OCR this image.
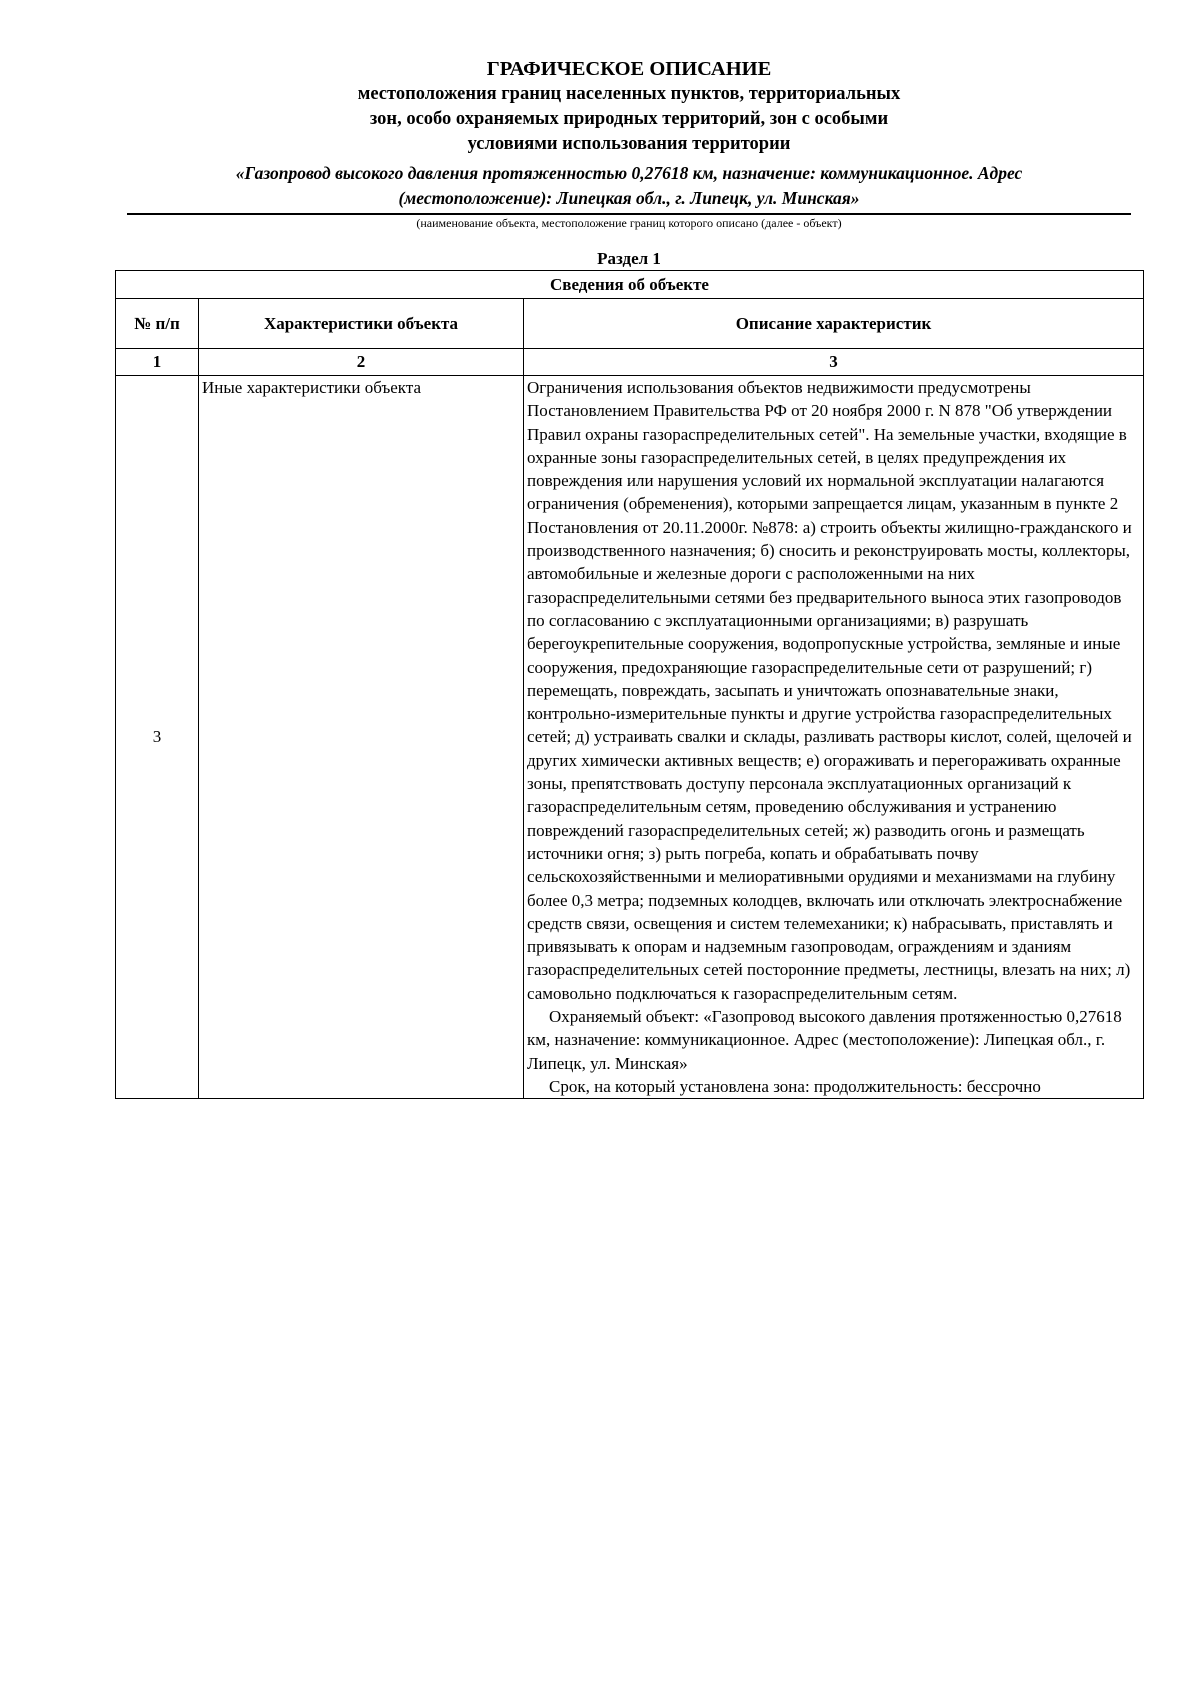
ГРАФИЧЕСКОЕ ОПИСАНИЕ
местоположения границ населенных пунктов, территориальных
зон, особо охраняемых природных территорий, зон с особыми
условиями использования территории
«Газопровод высокого давления протяженностью 0,27618 км, назначение: коммуникационное. Адрес
(местоположение): Липецкая обл., г. Липецк, ул. Минская»
(наименование объекта, местоположение границ которого описано (далее - объект)
Раздел 1
Сведения об объекте		
№ п/п	Характеристики объекта	Описание характеристик
1	2	3
3	Иные характеристики объекта	Ограничения использования объектов недвижимости предусмотрены Постановлением Правительства РФ от 20 ноября 2000 г. N 878 "Об утверждении Правил охраны газораспределительных сетей". На земельные участки, входящие в охранные зоны газораспределительных сетей, в целях предупреждения их повреждения или нарушения условий их нормальной эксплуатации налагаются ограничения (обременения), которыми запрещается лицам, указанным в пункте 2 Постановления от 20.11.2000г. №878: а) строить объекты жилищно-гражданского и производственного назначения; б) сносить и реконструировать мосты, коллекторы, автомобильные и железные дороги с расположенными на них газораспределительными сетями без предварительного выноса этих газопроводов по согласованию с эксплуатационными организациями; в) разрушать берегоукрепительные сооружения, водопропускные устройства, земляные и иные сооружения, предохраняющие газораспределительные сети от разрушений; г) перемещать, повреждать, засыпать и уничтожать опознавательные знаки, контрольно-измерительные пункты и другие устройства газораспределительных сетей; д) устраивать свалки и склады, разливать растворы кислот, солей, щелочей и других химически активных веществ; е) огораживать и перегораживать охранные зоны, препятствовать доступу персонала эксплуатационных организаций к газораспределительным сетям, проведению обслуживания и устранению повреждений газораспределительных сетей; ж) разводить огонь и размещать источники огня; з) рыть погреба, копать и обрабатывать почву сельскохозяйственными и мелиоративными орудиями и механизмами на глубину более 0,3 метра; подземных колодцев, включать или отключать электроснабжение средств связи, освещения и систем телемеханики; к) набрасывать, приставлять и привязывать к опорам и надземным газопроводам, ограждениям и зданиям газораспределительных сетей посторонние предметы, лестницы, влезать на них; л) самовольно подключаться к газораспределительным сетям.

Охраняемый объект: «Газопровод высокого давления протяженностью 0,27618 км, назначение: коммуникационное. Адрес (местоположение): Липецкая обл., г. Липецк, ул. Минская»

Срок, на который установлена зона: продолжительность: бессрочно
